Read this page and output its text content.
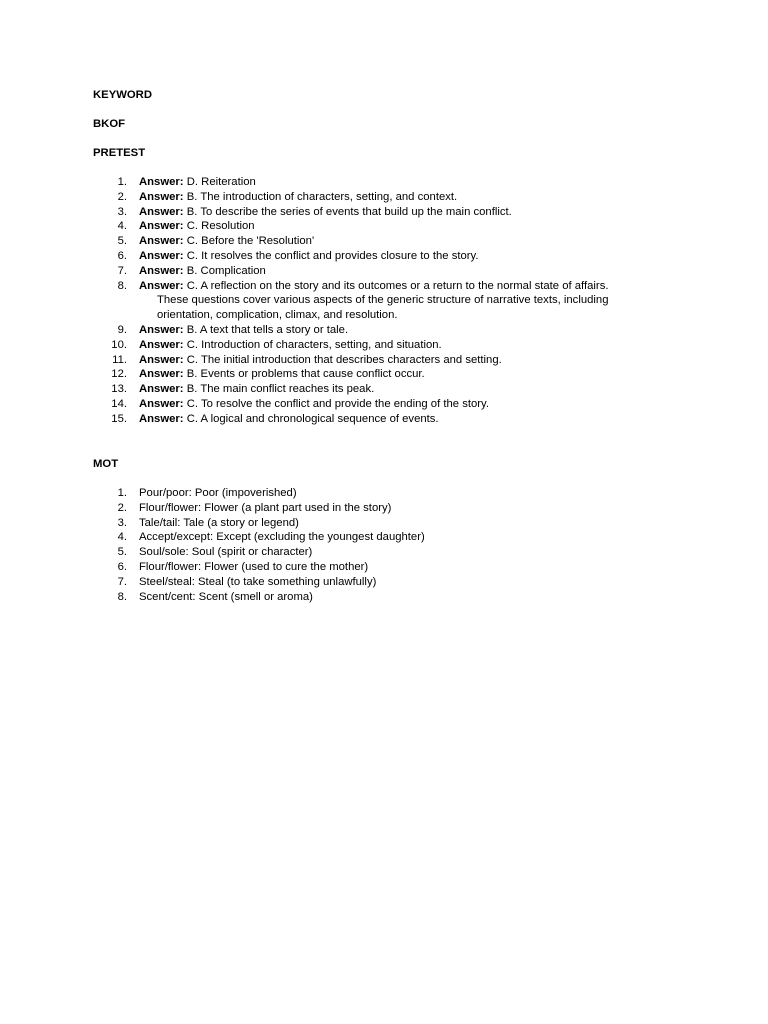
KEYWORD
BKOF
PRETEST
1. Answer: D. Reiteration
2. Answer: B. The introduction of characters, setting, and context.
3. Answer: B. To describe the series of events that build up the main conflict.
4. Answer: C. Resolution
5. Answer: C. Before the 'Resolution'
6. Answer: C. It resolves the conflict and provides closure to the story.
7. Answer: B. Complication
8. Answer: C. A reflection on the story and its outcomes or a return to the normal state of affairs.
These questions cover various aspects of the generic structure of narrative texts, including
orientation, complication, climax, and resolution.
9. Answer: B. A text that tells a story or tale.
10. Answer: C. Introduction of characters, setting, and situation.
11. Answer: C. The initial introduction that describes characters and setting.
12. Answer: B. Events or problems that cause conflict occur.
13. Answer: B. The main conflict reaches its peak.
14. Answer: C. To resolve the conflict and provide the ending of the story.
15. Answer: C. A logical and chronological sequence of events.
MOT
1. Pour/poor: Poor (impoverished)
2. Flour/flower: Flower (a plant part used in the story)
3. Tale/tail: Tale (a story or legend)
4. Accept/except: Except (excluding the youngest daughter)
5. Soul/sole: Soul (spirit or character)
6. Flour/flower: Flower (used to cure the mother)
7. Steel/steal: Steal (to take something unlawfully)
8. Scent/cent: Scent (smell or aroma)
